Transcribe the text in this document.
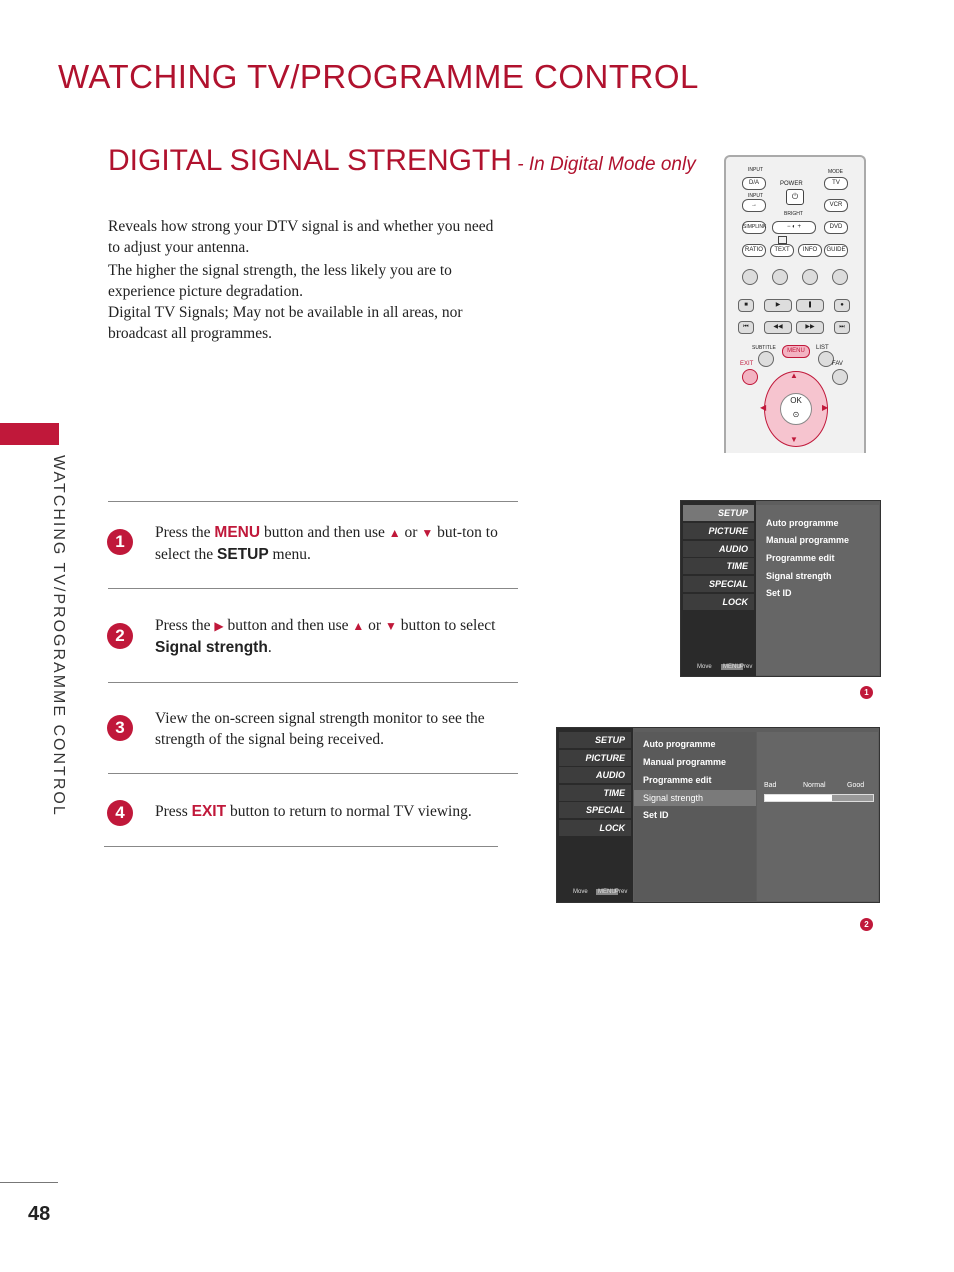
WATCHING TV/PROGRAMME CONTROL
DIGITAL SIGNAL STRENGTH - In Digital Mode only
WATCHING TV/PROGRAMME CONTROL
Reveals how strong your DTV signal is and whether you need to adjust your antenna.
The higher the signal strength, the less likely you are to experience picture degradation.
Digital TV Signals; May not be available in all areas, nor broadcast all programmes.
INPUT	MODE
D/A	TV
POWER
⏻
INPUT
→	VCR
BRIGHT
− ◐ +
SIMPLINK	DVD
RATIO	TEXT	INFO	GUIDE
■	▶	❚	●
⏮	◀◀	▶▶	⏭
SUBTITLE	LIST
MENU
EXIT	FAV
▲
▼
◀	▶
OK
⊙
1	Press the MENU button and then use ▲ or ▼ but-ton to select the SETUP menu.
2
Press the ▶ button and then use ▲ or ▼ button to select Signal strength.
3	View the on-screen signal strength monitor to see the strength of the signal being received.
4	Press EXIT button to return to normal TV viewing.
SETUP
PICTURE
AUDIO
TIME
SPECIAL
LOCK
Move	MENU Prev
Auto programme
Manual programme
Programme edit
Signal strength
Set ID
1
SETUP
PICTURE
AUDIO
TIME
SPECIAL
LOCK
Move	MENU Prev
Auto programme
Manual programme
Programme edit
Signal strength
Set ID
Bad	Normal	Good
2
48
